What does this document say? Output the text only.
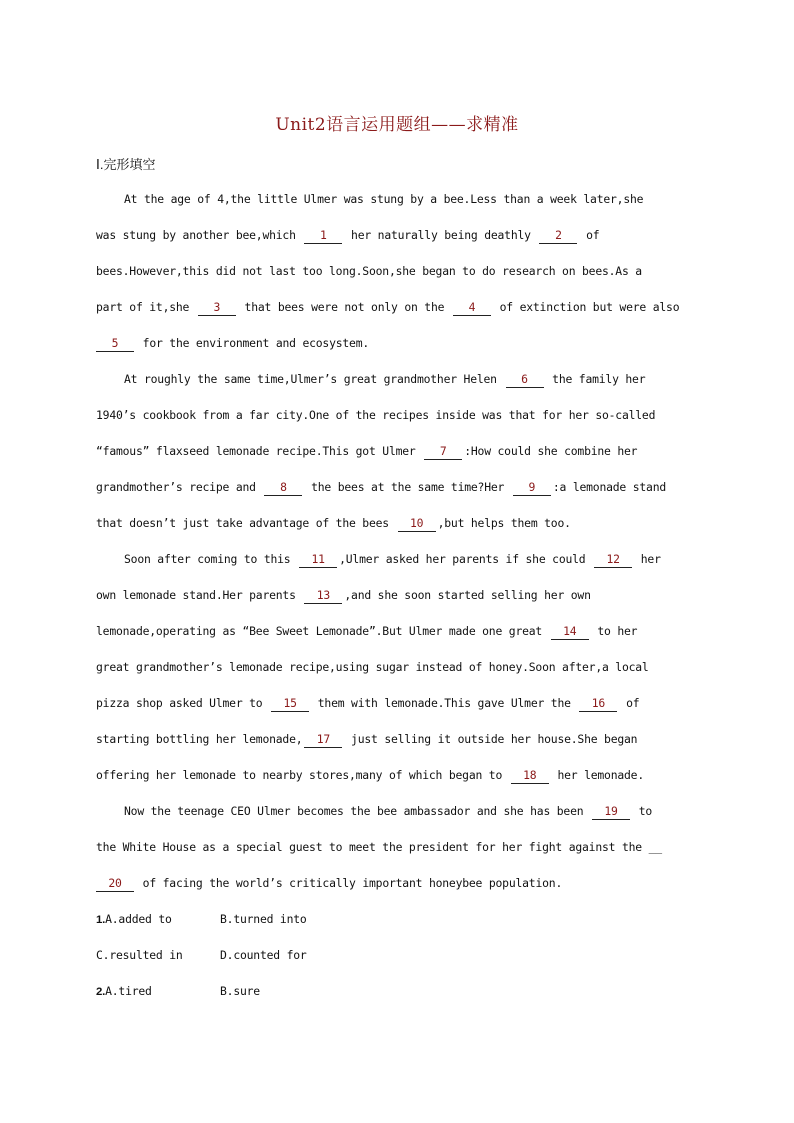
Unit2语言运用题组——求精准
Ⅰ.完形填空
At the age of 4,the little Ulmer was stung by a bee.Less than a week later,she
was stung by another bee,which 1 her naturally being deathly 2 of
bees.However,this did not last too long.Soon,she began to do research on bees.As a
part of it,she 3 that bees were not only on the 4 of extinction but were also
5 for the environment and ecosystem.
At roughly the same time,Ulmer’s great grandmother Helen 6 the family her
1940’s cookbook from a far city.One of the recipes inside was that for her so-called
“famous” flaxseed lemonade recipe.This got Ulmer 7 :How could she combine her
grandmother’s recipe and 8 the bees at the same time?Her 9 :a lemonade stand
that doesn’t just take advantage of the bees 10 ,but helps them too.
Soon after coming to this 11 ,Ulmer asked her parents if she could 12 her
own lemonade stand.Her parents 13 ,and she soon started selling her own
lemonade,operating as “Bee Sweet Lemonade”.But Ulmer made one great 14 to her
great grandmother’s lemonade recipe,using sugar instead of honey.Soon after,a local
pizza shop asked Ulmer to 15 them with lemonade.This gave Ulmer the 16 of
starting bottling her lemonade, 17 just selling it outside her house.She began
offering her lemonade to nearby stores,many of which began to 18 her lemonade.
Now the teenage CEO Ulmer becomes the bee ambassador and she has been 19 to
the White House as a special guest to meet the president for her fight against the __
20 of facing the world’s critically important honeybee population.
1.A.added to	B.turned into
C.resulted in	D.counted for
2.A.tired	B.sure
